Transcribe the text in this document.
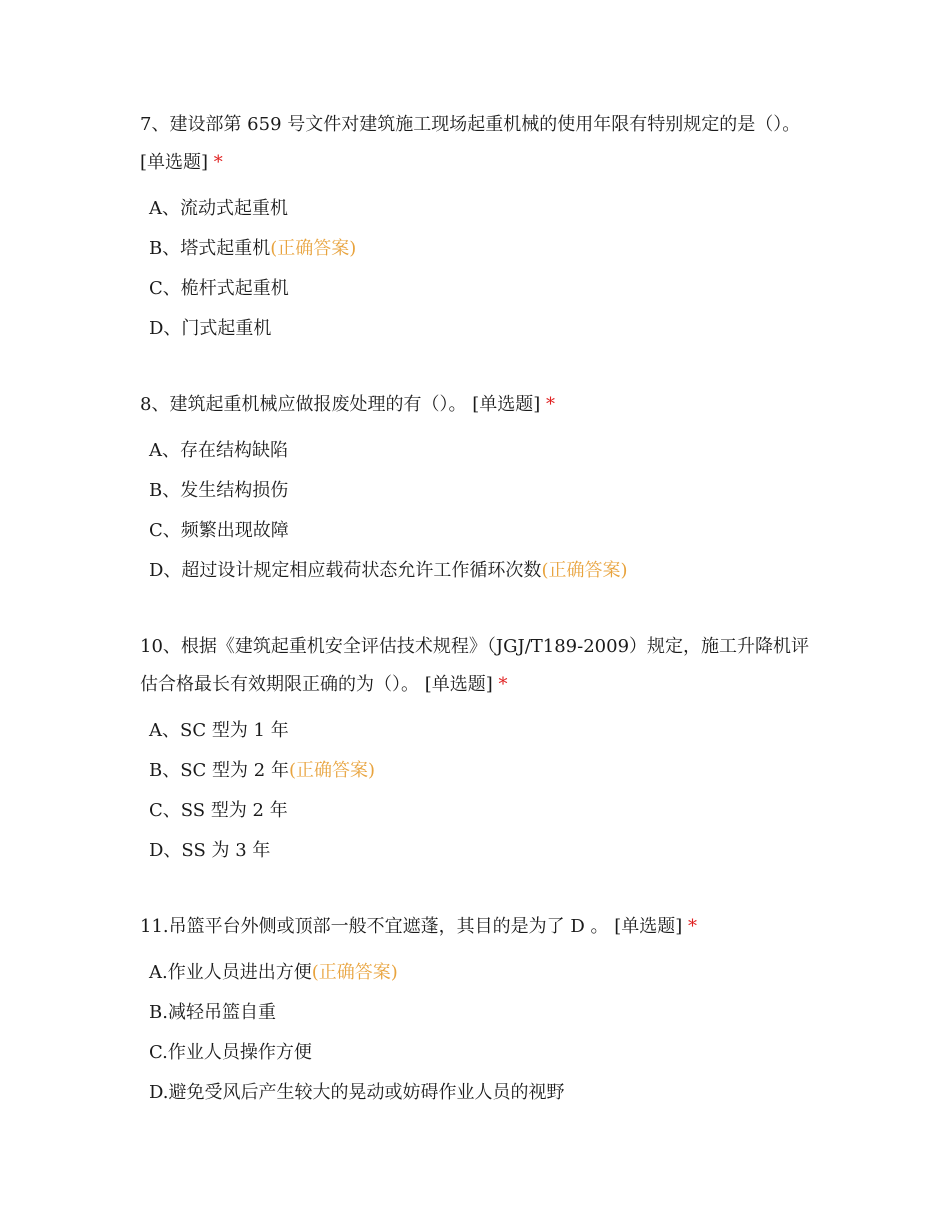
7、建设部第 659 号文件对建筑施工现场起重机械的使用年限有特别规定的是（）。 [单选题] *

A、流动式起重机
B、塔式起重机(正确答案)
C、桅杆式起重机
D、门式起重机

8、建筑起重机械应做报废处理的有（）。 [单选题] *

A、存在结构缺陷
B、发生结构损伤
C、频繁出现故障
D、超过设计规定相应载荷状态允许工作循环次数(正确答案)

10、根据《建筑起重机安全评估技术规程》（JGJ/T189-2009）规定，施工升降机评估合格最长有效期限正确的为（）。 [单选题] *

A、SC 型为 1 年
B、SC 型为 2 年(正确答案)
C、SS 型为 2 年
D、SS 为 3 年

11.吊篮平台外侧或顶部一般不宜遮蓬，其目的是为了 D 。 [单选题] *

A.作业人员进出方便(正确答案)
B.减轻吊篮自重
C.作业人员操作方便
D.避免受风后产生较大的晃动或妨碍作业人员的视野
